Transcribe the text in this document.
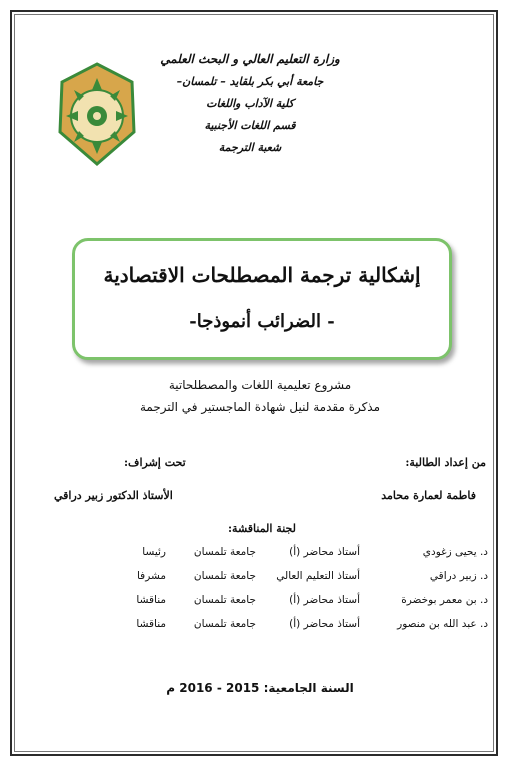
وزارة التعليم العالي و البحث العلمي
جامعة أبي بكر بلقايد – تلمسان–
كلية الآداب واللغات
قسم اللغات الأجنبية
شعبة الترجمة
إشكالية ترجمة المصطلحات الاقتصادية
- الضرائب أنموذجا-
مشروع تعليمية اللغات والمصطلحاتية
مذكرة مقدمة لنيل شهادة الماجستير في الترجمة
من إعداد الطالبة:
تحت إشراف:
فاطمة لعمارة محامد
الأستاذ الدكتور زبير دراقي
لجنة المناقشة:
د. يحيى زغودي
أستاذ محاضر (أ)
جامعة تلمسان
رئيسا
د. زبير دراقي
أستاذ التعليم العالي
جامعة تلمسان
مشرفا
د. بن معمر بوخضرة
أستاذ محاضر (أ)
جامعة تلمسان
مناقشا
د. عبد الله بن منصور
أستاذ محاضر (أ)
جامعة تلمسان
مناقشا
السنة الجامعية: 2015 - 2016 م
